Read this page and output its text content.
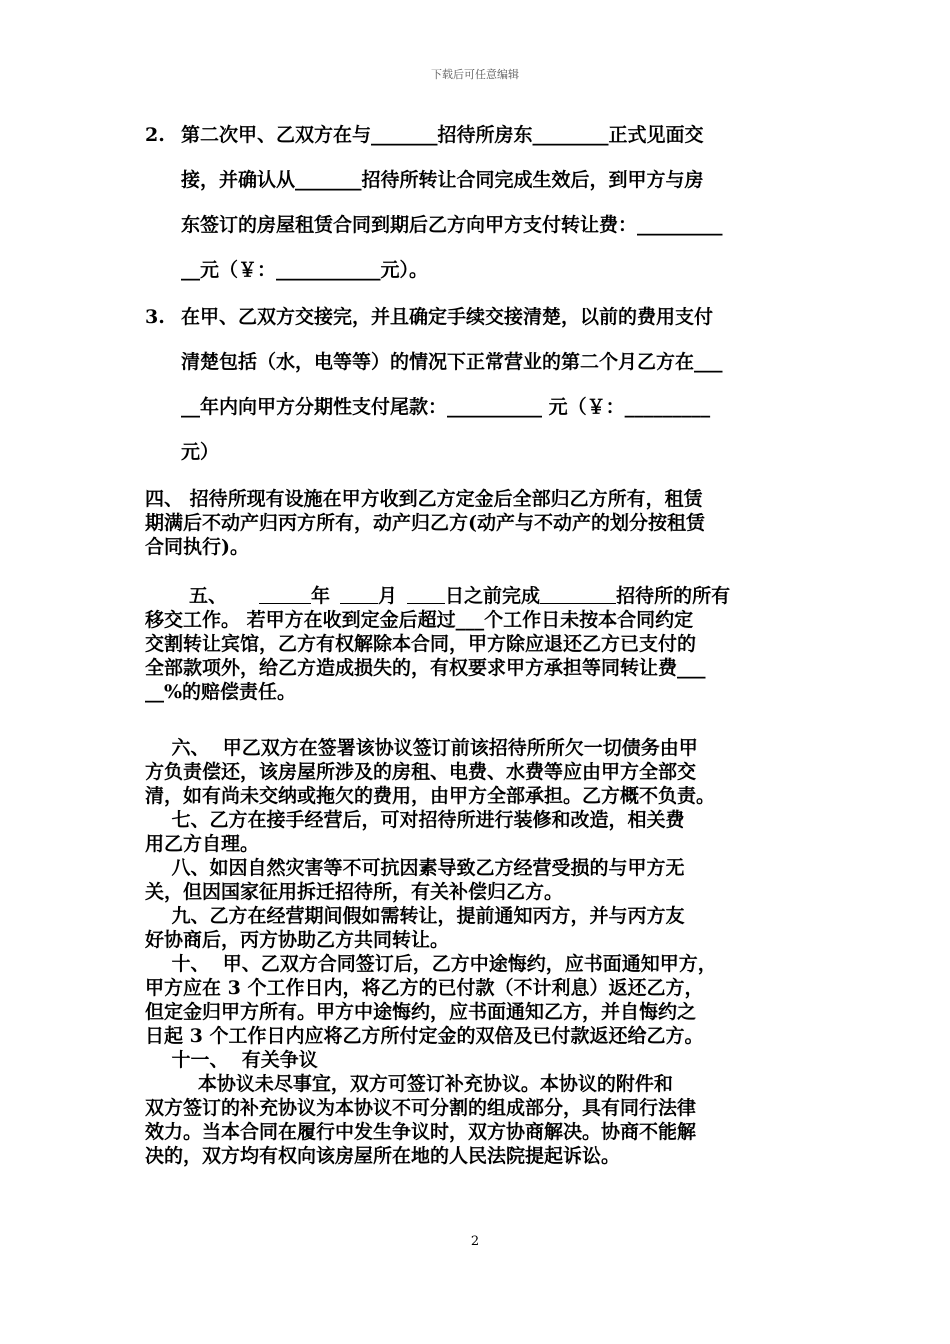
下载后可任意编辑
2. 第二次甲、乙双方在与_______招待所房东________正式见面交
接，并确认从_______招待所转让合同完成生效后，到甲方与房
东签订的房屋租赁合同到期后乙方向甲方支付转让费：_________
__元（￥：___________元）。
3. 在甲、乙双方交接完，并且确定手续交接清楚，以前的费用支付
清楚包括（水，电等等）的情况下正常营业的第二个月乙方在___
__年内向甲方分期性支付尾款：__________ 元（￥：_________
元）
四、 招待所现有设施在甲方收到乙方定金后全部归乙方所有，租赁
期满后不动产归丙方所有，动产归乙方(动产与不动产的划分按租赁
合同执行)。
五、	年	月	日之前完成	招待所的所有
移交工作。 若甲方在收到定金后超过___个工作日未按本合同约定
交割转让宾馆，乙方有权解除本合同，甲方除应退还乙方已支付的
全部款项外，给乙方造成损失的，有权要求甲方承担等同转让费___
__%的赔偿责任。
六、  甲乙双方在签署该协议签订前该招待所所欠一切债务由甲
方负责偿还，该房屋所涉及的房租、电费、水费等应由甲方全部交
清，如有尚未交纳或拖欠的费用，由甲方全部承担。乙方概不负责。
七、乙方在接手经营后，可对招待所进行装修和改造，相关费
用乙方自理。
八、如因自然灾害等不可抗因素导致乙方经营受损的与甲方无
关，但因国家征用拆迁招待所，有关补偿归乙方。
九、乙方在经营期间假如需转让，提前通知丙方，并与丙方友
好协商后，丙方协助乙方共同转让。
十、  甲、乙双方合同签订后，乙方中途悔约，应书面通知甲方，
甲方应在 3 个工作日内，将乙方的已付款（不计利息）返还乙方，
但定金归甲方所有。甲方中途悔约，应书面通知乙方，并自悔约之
日起 3 个工作日内应将乙方所付定金的双倍及已付款返还给乙方。
十一、  有关争议
本协议未尽事宜，双方可签订补充协议。本协议的附件和
双方签订的补充协议为本协议不可分割的组成部分，具有同行法律
效力。当本合同在履行中发生争议时，双方协商解决。协商不能解
决的，双方均有权向该房屋所在地的人民法院提起诉讼。
2
